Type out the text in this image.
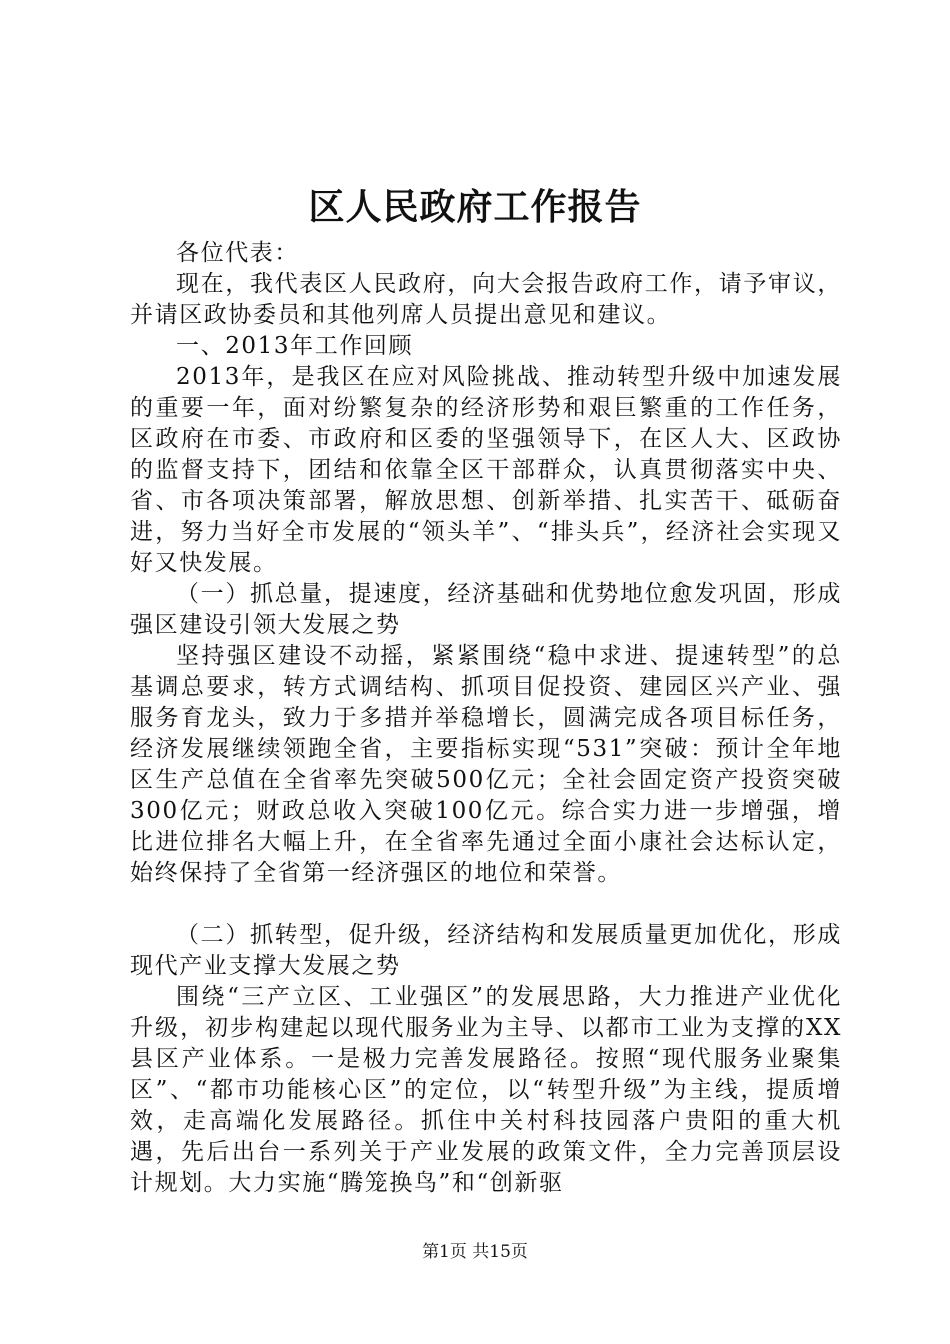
区人民政府工作报告

各位代表：

现在，我代表区人民政府，向大会报告政府工作，请予审议，并请区政协委员和其他列席人员提出意见和建议。

一、2013年工作回顾

2013年，是我区在应对风险挑战、推动转型升级中加速发展的重要一年，面对纷繁复杂的经济形势和艰巨繁重的工作任务，区政府在市委、市政府和区委的坚强领导下，在区人大、区政协的监督支持下，团结和依靠全区干部群众，认真贯彻落实中央、省、市各项决策部署，解放思想、创新举措、扎实苦干、砥砺奋进，努力当好全市发展的“领头羊”、“排头兵”，经济社会实现又好又快发展。

（一）抓总量，提速度，经济基础和优势地位愈发巩固，形成强区建设引领大发展之势

坚持强区建设不动摇，紧紧围绕“稳中求进、提速转型”的总基调总要求，转方式调结构、抓项目促投资、建园区兴产业、强服务育龙头，致力于多措并举稳增长，圆满完成各项目标任务，经济发展继续领跑全省，主要指标实现“531”突破：预计全年地区生产总值在全省率先突破500亿元；全社会固定资产投资突破300亿元；财政总收入突破100亿元。综合实力进一步增强，增比进位排名大幅上升，在全省率先通过全面小康社会达标认定，始终保持了全省第一经济强区的地位和荣誉。

（二）抓转型，促升级，经济结构和发展质量更加优化，形成现代产业支撑大发展之势

围绕“三产立区、工业强区”的发展思路，大力推进产业优化升级，初步构建起以现代服务业为主导、以都市工业为支撑的XX县区产业体系。一是极力完善发展路径。按照“现代服务业聚集区”、“都市功能核心区”的定位，以“转型升级”为主线，提质增效，走高端化发展路径。抓住中关村科技园落户贵阳的重大机遇，先后出台一系列关于产业发展的政策文件，全力完善顶层设计规划。大力实施“腾笼换鸟”和“创新驱

第1页 共15页
